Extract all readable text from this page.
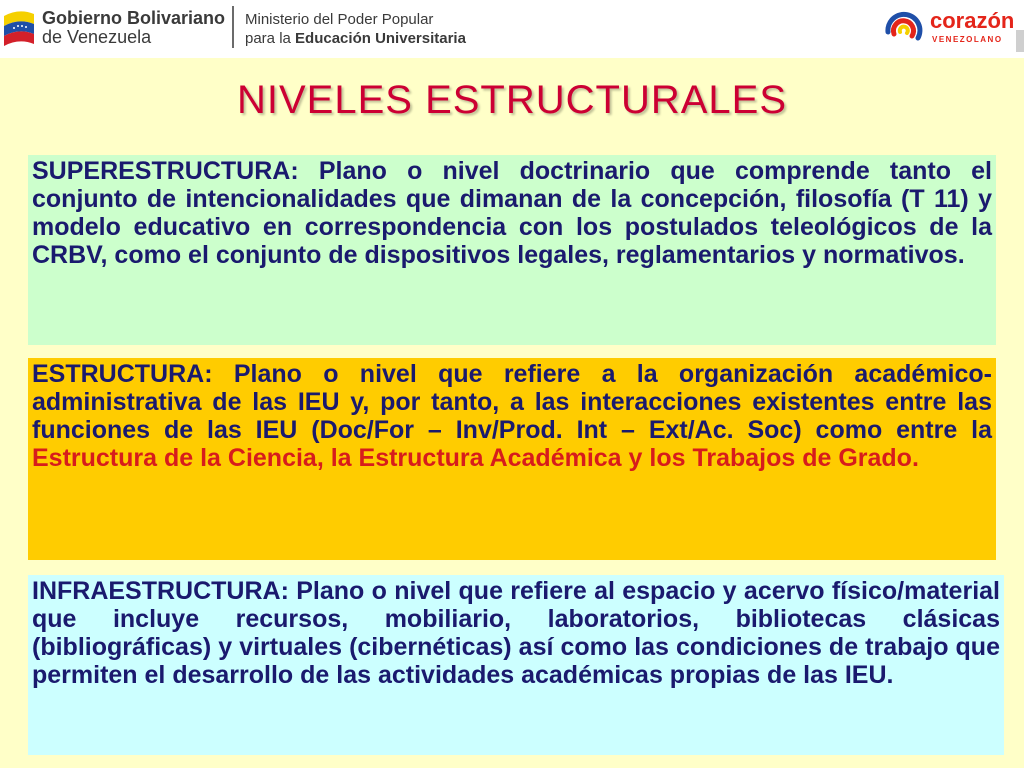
Gobierno Bolivariano
de Venezuela
Ministerio del Poder Popular
para la Educación Universitaria
corazón
VENEZOLANO
NIVELES ESTRUCTURALES

SUPERESTRUCTURA: Plano o nivel doctrinario que comprende tanto el conjunto de intencionalidades que dimanan de la concepción, filosofía (T 11) y modelo educativo en correspondencia con los postulados teleológicos de la CRBV, como el conjunto de dispositivos legales, reglamentarios y normativos.

ESTRUCTURA: Plano o nivel que refiere a la organización académico-administrativa de las IEU y, por tanto, a las interacciones existentes entre las funciones de las IEU (Doc/For – Inv/Prod. Int – Ext/Ac. Soc) como entre la Estructura de la Ciencia, la Estructura Académica y los Trabajos de Grado.

INFRAESTRUCTURA: Plano o nivel que refiere al espacio y acervo físico/material que incluye recursos, mobiliario, laboratorios, bibliotecas clásicas (bibliográficas) y virtuales (cibernéticas) así como las condiciones de trabajo que permiten el desarrollo de las actividades académicas propias de las IEU.
